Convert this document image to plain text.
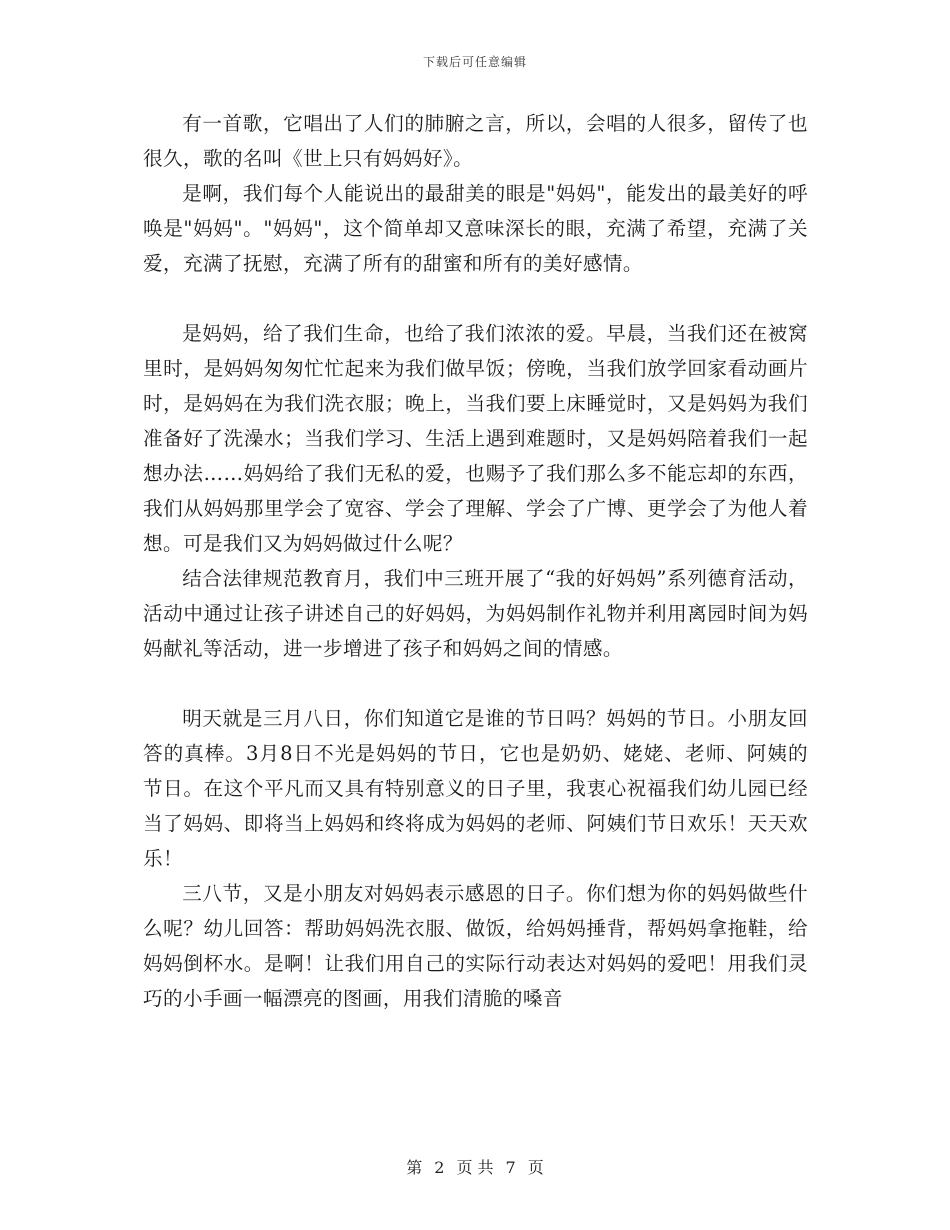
下载后可任意编辑

有一首歌，它唱出了人们的肺腑之言，所以，会唱的人很多，留传了也很久，歌的名叫《世上只有妈妈好》。

是啊，我们每个人能说出的最甜美的眼是"妈妈"，能发出的最美好的呼唤是"妈妈"。"妈妈"，这个简单却又意味深长的眼，充满了希望，充满了关爱，充满了抚慰，充满了所有的甜蜜和所有的美好感情。

是妈妈，给了我们生命，也给了我们浓浓的爱。早晨，当我们还在被窝里时，是妈妈匆匆忙忙起来为我们做早饭；傍晚，当我们放学回家看动画片时，是妈妈在为我们洗衣服；晚上，当我们要上床睡觉时，又是妈妈为我们准备好了洗澡水；当我们学习、生活上遇到难题时，又是妈妈陪着我们一起想办法……妈妈给了我们无私的爱，也赐予了我们那么多不能忘却的东西，我们从妈妈那里学会了宽容、学会了理解、学会了广博、更学会了为他人着想。可是我们又为妈妈做过什么呢？

结合法律规范教育月，我们中三班开展了“我的好妈妈”系列德育活动，活动中通过让孩子讲述自己的好妈妈，为妈妈制作礼物并利用离园时间为妈妈献礼等活动，进一步增进了孩子和妈妈之间的情感。

明天就是三月八日，你们知道它是谁的节日吗？妈妈的节日。小朋友回答的真棒。3月8日不光是妈妈的节日，它也是奶奶、姥姥、老师、阿姨的节日。在这个平凡而又具有特别意义的日子里，我衷心祝福我们幼儿园已经当了妈妈、即将当上妈妈和终将成为妈妈的老师、阿姨们节日欢乐！天天欢乐！

三八节，又是小朋友对妈妈表示感恩的日子。你们想为你的妈妈做些什么呢？幼儿回答：帮助妈妈洗衣服、做饭，给妈妈捶背，帮妈妈拿拖鞋，给妈妈倒杯水。是啊！让我们用自己的实际行动表达对妈妈的爱吧！用我们灵巧的小手画一幅漂亮的图画，用我们清脆的嗓音

第 2 页 共 7 页
